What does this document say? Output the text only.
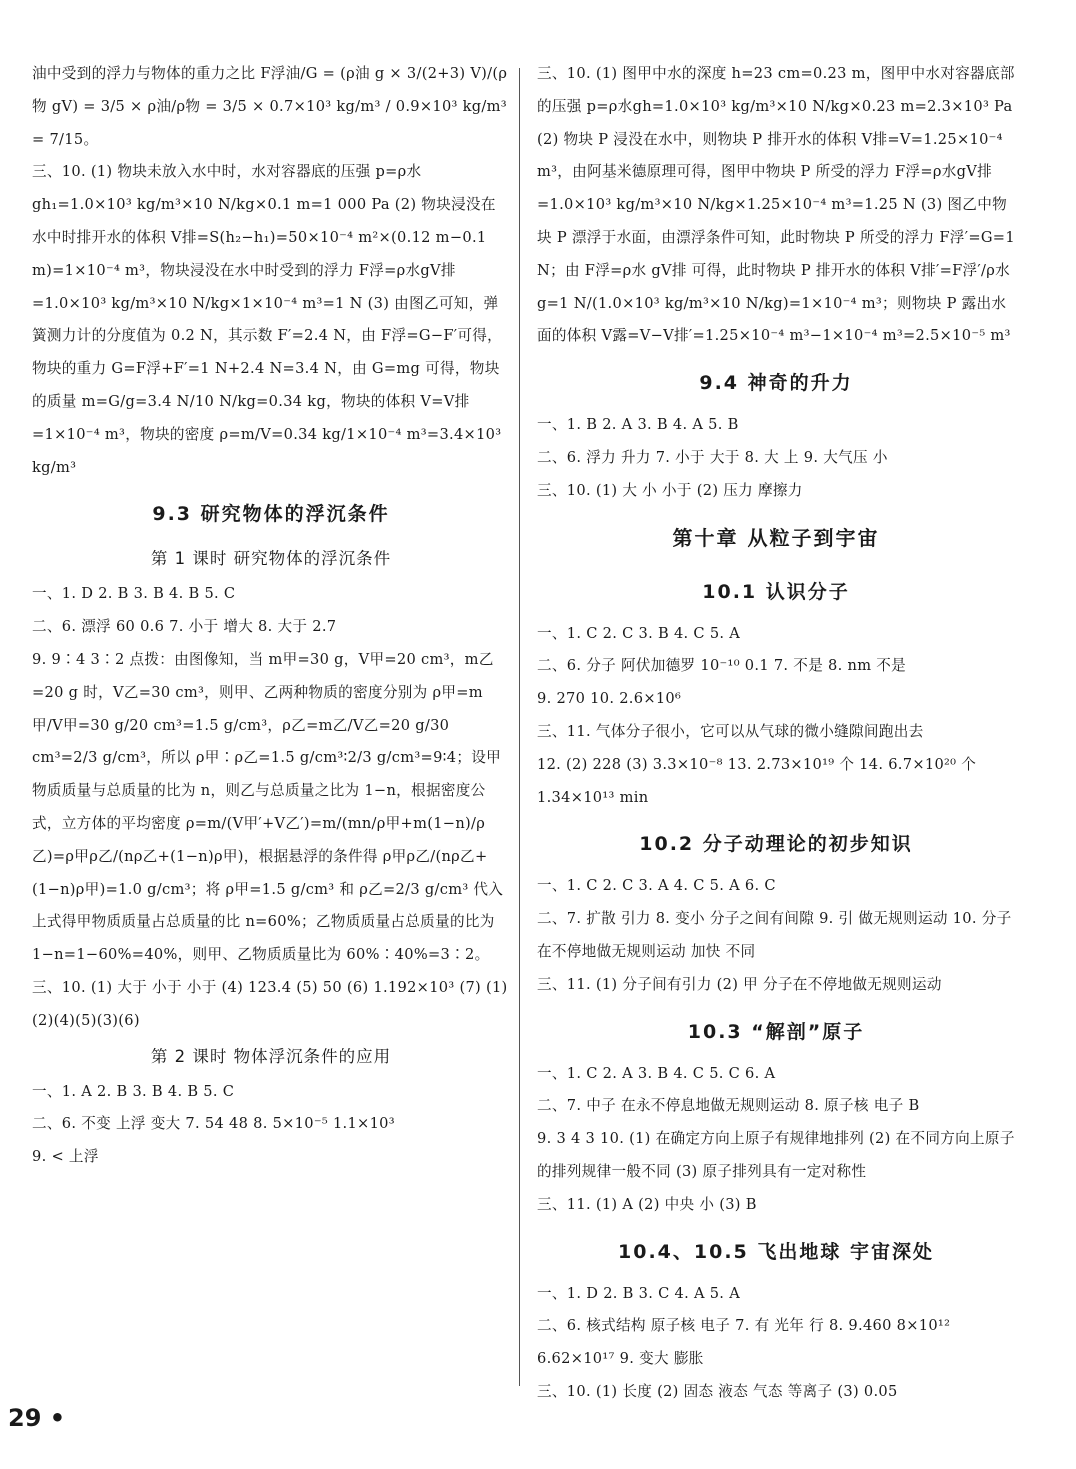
油中受到的浮力与物体的重力之比 F浮油/G = (ρ油 g × 3/(2+3) V)/(ρ物 gV) = 3/5 × ρ油/ρ物 = 3/5 × 0.7×10³ kg/m³ / 0.9×10³ kg/m³ = 7/15。
三、10. (1) 物块未放入水中时，水对容器底的压强 p=ρ水 gh₁=1.0×10³ kg/m³×10 N/kg×0.1 m=1 000 Pa (2) 物块浸没在水中时排开水的体积 V排=S(h₂−h₁)=50×10⁻⁴ m²×(0.12 m−0.1 m)=1×10⁻⁴ m³，物块浸没在水中时受到的浮力 F浮=ρ水gV排=1.0×10³ kg/m³×10 N/kg×1×10⁻⁴ m³=1 N (3) 由图乙可知，弹簧测力计的分度值为 0.2 N，其示数 F′=2.4 N，由 F浮=G−F′可得，物块的重力 G=F浮+F′=1 N+2.4 N=3.4 N，由 G=mg 可得，物块的质量 m=G/g=3.4 N/10 N/kg=0.34 kg，物块的体积 V=V排=1×10⁻⁴ m³，物块的密度 ρ=m/V=0.34 kg/1×10⁻⁴ m³=3.4×10³ kg/m³
9.3 研究物体的浮沉条件
第 1 课时 研究物体的浮沉条件
一、1. D 2. B 3. B 4. B 5. C
二、6. 漂浮 60 0.6 7. 小于 增大 8. 大于 2.7
9. 9∶4 3∶2 点拨：由图像知，当 m甲=30 g，V甲=20 cm³，m乙=20 g 时，V乙=30 cm³，则甲、乙两种物质的密度分别为 ρ甲=m甲/V甲=30 g/20 cm³=1.5 g/cm³，ρ乙=m乙/V乙=20 g/30 cm³=2/3 g/cm³，所以 ρ甲∶ρ乙=1.5 g/cm³∶2/3 g/cm³=9∶4；设甲物质质量与总质量的比为 n，则乙与总质量之比为 1−n，根据密度公式，立方体的平均密度 ρ=m/(V甲′+V乙′)=m/(mn/ρ甲+m(1−n)/ρ乙)=ρ甲ρ乙/(nρ乙+(1−n)ρ甲)，根据悬浮的条件得 ρ甲ρ乙/(nρ乙+(1−n)ρ甲)=1.0 g/cm³；将 ρ甲=1.5 g/cm³ 和 ρ乙=2/3 g/cm³ 代入上式得甲物质质量占总质量的比 n=60%；乙物质质量占总质量的比为 1−n=1−60%=40%，则甲、乙物质质量比为 60%∶40%=3∶2。
三、10. (1) 大于 小于 小于 (4) 123.4 (5) 50 (6) 1.192×10³ (7) (1)(2)(4)(5)(3)(6)
第 2 课时 物体浮沉条件的应用
一、1. A 2. B 3. B 4. B 5. C
二、6. 不变 上浮 变大 7. 54 48 8. 5×10⁻⁵ 1.1×10³
9. < 上浮
三、10. (1) 图甲中水的深度 h=23 cm=0.23 m，图甲中水对容器底部的压强 p=ρ水gh=1.0×10³ kg/m³×10 N/kg×0.23 m=2.3×10³ Pa (2) 物块 P 浸没在水中，则物块 P 排开水的体积 V排=V=1.25×10⁻⁴ m³，由阿基米德原理可得，图甲中物块 P 所受的浮力 F浮=ρ水gV排=1.0×10³ kg/m³×10 N/kg×1.25×10⁻⁴ m³=1.25 N (3) 图乙中物块 P 漂浮于水面，由漂浮条件可知，此时物块 P 所受的浮力 F浮′=G=1 N；由 F浮=ρ水 gV排 可得，此时物块 P 排开水的体积 V排′=F浮′/ρ水g=1 N/(1.0×10³ kg/m³×10 N/kg)=1×10⁻⁴ m³；则物块 P 露出水面的体积 V露=V−V排′=1.25×10⁻⁴ m³−1×10⁻⁴ m³=2.5×10⁻⁵ m³
9.4 神奇的升力
一、1. B 2. A 3. B 4. A 5. B
二、6. 浮力 升力 7. 小于 大于 8. 大 上 9. 大气压 小
三、10. (1) 大 小 小于 (2) 压力 摩擦力
第十章 从粒子到宇宙
10.1 认识分子
一、1. C 2. C 3. B 4. C 5. A
二、6. 分子 阿伏加德罗 10⁻¹⁰ 0.1 7. 不是 8. nm 不是
9. 270 10. 2.6×10⁶
三、11. 气体分子很小，它可以从气球的微小缝隙间跑出去
12. (2) 228 (3) 3.3×10⁻⁸ 13. 2.73×10¹⁹ 个 14. 6.7×10²⁰ 个 1.34×10¹³ min
10.2 分子动理论的初步知识
一、1. C 2. C 3. A 4. C 5. A 6. C
二、7. 扩散 引力 8. 变小 分子之间有间隙 9. 引 做无规则运动 10. 分子在不停地做无规则运动 加快 不同
三、11. (1) 分子间有引力 (2) 甲 分子在不停地做无规则运动
10.3 “解剖”原子
一、1. C 2. A 3. B 4. C 5. C 6. A
二、7. 中子 在永不停息地做无规则运动 8. 原子核 电子 B
9. 3 4 3 10. (1) 在确定方向上原子有规律地排列 (2) 在不同方向上原子的排列规律一般不同 (3) 原子排列具有一定对称性
三、11. (1) A (2) 中央 小 (3) B
10.4、10.5 飞出地球 宇宙深处
一、1. D 2. B 3. C 4. A 5. A
二、6. 核式结构 原子核 电子 7. 有 光年 行 8. 9.460 8×10¹² 6.62×10¹⁷ 9. 变大 膨胀
三、10. (1) 长度 (2) 固态 液态 气态 等离子 (3) 0.05
29 •
